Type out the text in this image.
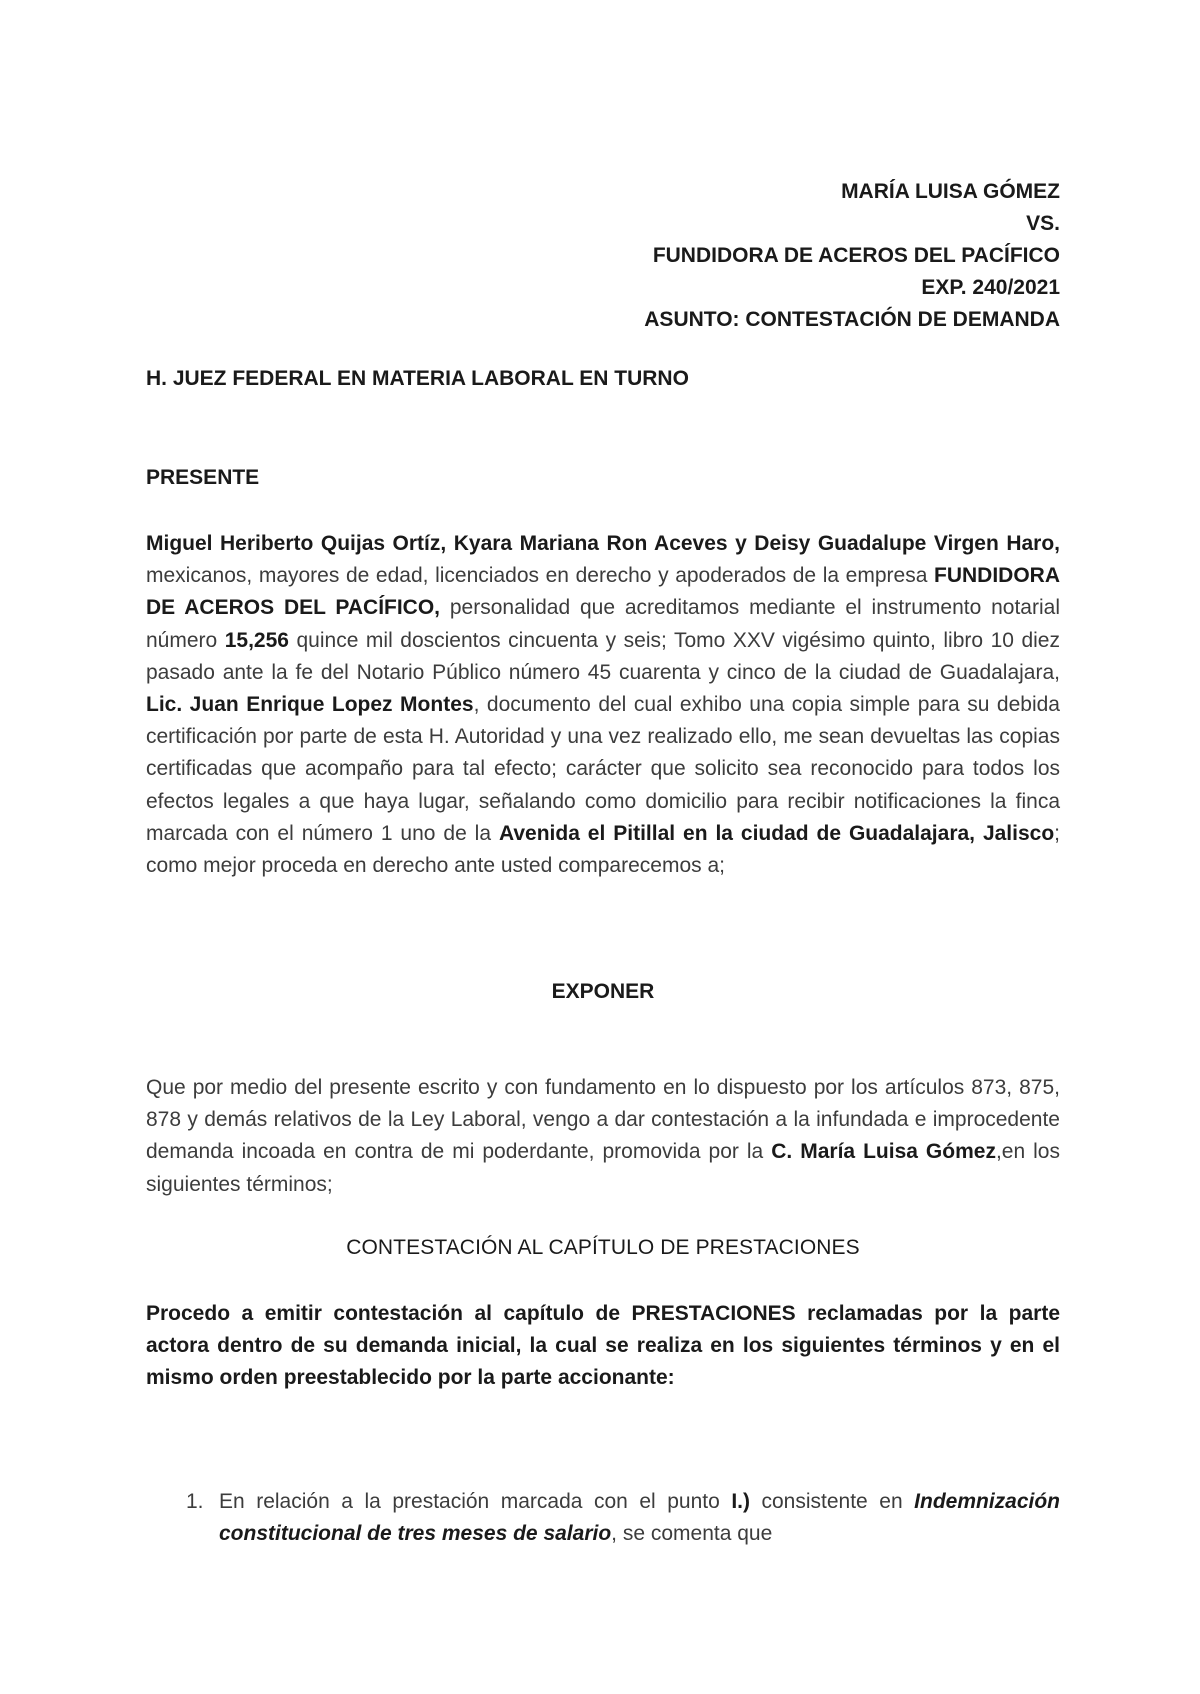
MARÍA LUISA GÓMEZ
VS.
FUNDIDORA DE ACEROS DEL PACÍFICO
EXP. 240/2021
ASUNTO: CONTESTACIÓN DE DEMANDA
H. JUEZ FEDERAL EN MATERIA LABORAL EN TURNO
PRESENTE
Miguel Heriberto Quijas Ortíz, Kyara Mariana Ron Aceves y Deisy Guadalupe Virgen Haro, mexicanos, mayores de edad, licenciados en derecho y apoderados de la empresa FUNDIDORA DE ACEROS DEL PACÍFICO, personalidad que acreditamos mediante el instrumento notarial número 15,256 quince mil doscientos cincuenta y seis; Tomo XXV vigésimo quinto, libro 10 diez pasado ante la fe del Notario Público número 45 cuarenta y cinco de la ciudad de Guadalajara, Lic. Juan Enrique Lopez Montes, documento del cual exhibo una copia simple para su debida certificación por parte de esta H. Autoridad y una vez realizado ello, me sean devueltas las copias certificadas que acompaño para tal efecto; carácter que solicito sea reconocido para todos los efectos legales a que haya lugar, señalando como domicilio para recibir notificaciones la finca marcada con el número 1 uno de la Avenida el Pitillal en la ciudad de Guadalajara, Jalisco; como mejor proceda en derecho ante usted comparecemos a;
EXPONER
Que por medio del presente escrito y con fundamento en lo dispuesto por los artículos 873, 875, 878 y demás relativos de la Ley Laboral, vengo a dar contestación a la infundada e improcedente demanda incoada en contra de mi poderdante, promovida por la C. María Luisa Gómez,en los siguientes términos;
CONTESTACIÓN AL CAPÍTULO DE PRESTACIONES
Procedo a emitir contestación al capítulo de PRESTACIONES reclamadas por la parte actora dentro de su demanda inicial, la cual se realiza en los siguientes términos y en el mismo orden preestablecido por la parte accionante:
1. En relación a la prestación marcada con el punto I.) consistente en Indemnización constitucional de tres meses de salario, se comenta que
